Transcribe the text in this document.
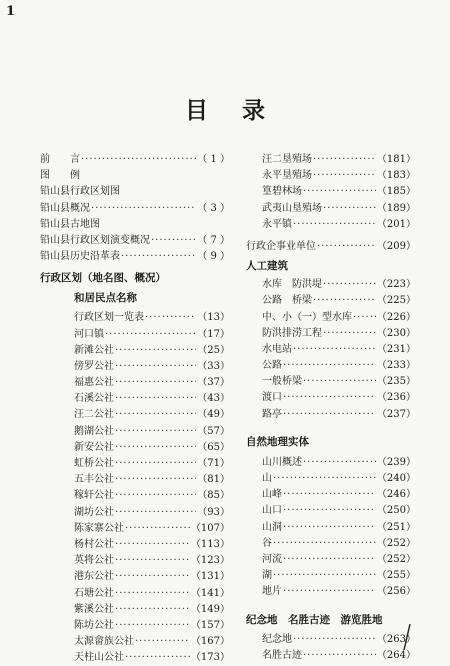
1
目录
前　　言 ·····	（ 1 ）
图　　例
铅山县行政区划图
铅山县概况 ·····	（ 3 ）
铅山县古地图
铅山县行政区划演变概况 ·····	（ 7 ）
铅山县历史沿革表 ·····	（ 9 ）
行政区划（地名图、概况）
和居民点名称
行政区划一览表 ·····	（13）
河口镇 ·····	（17）
新滩公社 ·····	（25）
傍罗公社 ·····	（33）
福惠公社 ·····	（37）
石溪公社 ·····	（43）
汪二公社 ·····	（49）
鹅湖公社 ·····	（57）
新安公社 ·····	（65）
虹桥公社 ·····	（71）
五丰公社 ·····	（81）
稼轩公社 ·····	（85）
湖坊公社 ·····	（93）
陈家寨公社 ·····	（107）
杨村公社 ·····	（113）
英将公社 ·····	（123）
港东公社 ·····	（131）
石塘公社 ·····	（141）
紫溪公社 ·····	（149）
陈坊公社 ·····	（157）
太源畲族公社 ·····	（167）
天柱山公社 ·····	（173）
汪二垦殖场 ·····	（181）
永平垦殖场 ·····	（183）
篁碧林场 ·····	（185）
武夷山垦殖场 ·····	（189）
永平镇 ·····	（201）
行政企事业单位 ·····	（209）
人工建筑
水库　防洪堤 ·····	（223）
公路　桥梁 ·····	（225）
中、小（一）型水库 ····· （226）
防洪排涝工程 ·····	（230）
水电站 ·····	（231）
公路 ·····	（233）
一般桥梁 ·····	（235）
渡口 ·····	（236）
路亭 ·····	（237）
自然地理实体
山川概述 ·····	（239）
山 ·····	（240）
山峰 ·····	（246）
山口 ·····	（250）
山洞 ·····	（251）
谷 ·····	（252）
河流 ·····	（252）
湖 ·····	（255）
地片 ·····	（256）
纪念地　名胜古迹　游览胜地
纪念地 ·····	（263）
名胜古迹 ·····	（264）
